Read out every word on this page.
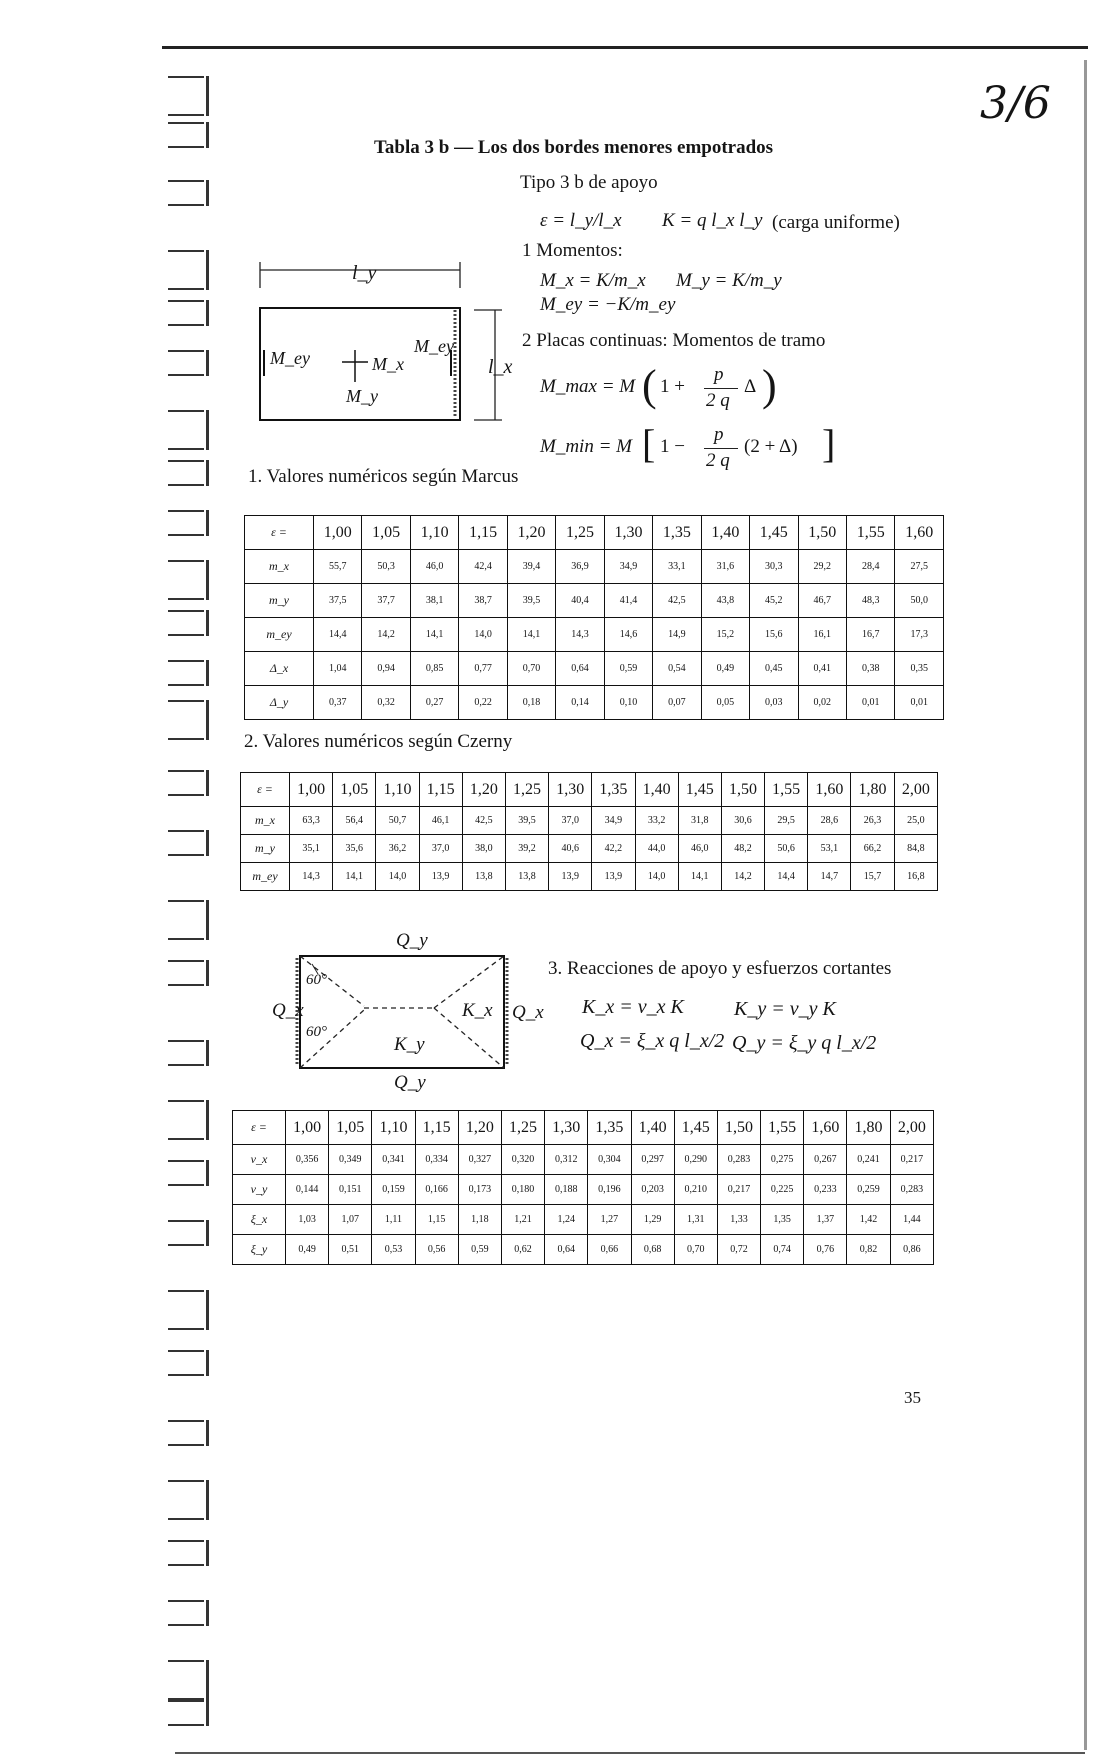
3/6
Tabla 3 b — Los dos bordes menores empotrados
Tipo 3 b de apoyo
ε = l_y/l_x K = q l_x l_y (carga uniforme)
1 Momentos:
M_x = K/m_x M_y = K/m_y
M_ey = −K/m_ey
2 Placas continuas: Momentos de tramo
M_max = M ( 1 +
p
2 q
Δ )
M_min = M [ 1 −
p
2 q
(2 + Δ) ]
l_y
l_x
M_ey
M_ey
M_x
M_y
1. Valores numéricos según Marcus
ε =	1,00	1,05	1,10	1,15	1,20	1,25	1,30	1,35	1,40	1,45	1,50	1,55	1,60
m_x	55,7	50,3	46,0	42,4	39,4	36,9	34,9	33,1	31,6	30,3	29,2	28,4	27,5
m_y	37,5	37,7	38,1	38,7	39,5	40,4	41,4	42,5	43,8	45,2	46,7	48,3	50,0
m_ey	14,4	14,2	14,1	14,0	14,1	14,3	14,6	14,9	15,2	15,6	16,1	16,7	17,3
Δ_x	1,04	0,94	0,85	0,77	0,70	0,64	0,59	0,54	0,49	0,45	0,41	0,38	0,35
Δ_y	0,37	0,32	0,27	0,22	0,18	0,14	0,10	0,07	0,05	0,03	0,02	0,01	0,01
2. Valores numéricos según Czerny
ε =	1,00	1,05	1,10	1,15	1,20	1,25	1,30	1,35	1,40	1,45	1,50	1,55	1,60	1,80	2,00
m_x	63,3	56,4	50,7	46,1	42,5	39,5	37,0	34,9	33,2	31,8	30,6	29,5	28,6	26,3	25,0
m_y	35,1	35,6	36,2	37,0	38,0	39,2	40,6	42,2	44,0	46,0	48,2	50,6	53,1	66,2	84,8
m_ey	14,3	14,1	14,0	13,9	13,8	13,8	13,9	13,9	14,0	14,1	14,2	14,4	14,7	15,7	16,8
Q_y
Q_y
Q_x	Q_x
K_x
K_y
60°
60°
3. Reacciones de apoyo y esfuerzos cortantes
K_x = ν_x K	K_y = ν_y K
Q_x = ξ_x q l_x/2 Q_y = ξ_y q l_x/2
ε =	1,00	1,05	1,10	1,15	1,20	1,25	1,30	1,35	1,40	1,45	1,50	1,55	1,60	1,80	2,00
ν_x	0,356	0,349	0,341	0,334	0,327	0,320	0,312	0,304	0,297	0,290	0,283	0,275	0,267	0,241	0,217
ν_y	0,144	0,151	0,159	0,166	0,173	0,180	0,188	0,196	0,203	0,210	0,217	0,225	0,233	0,259	0,283
ξ_x	1,03	1,07	1,11	1,15	1,18	1,21	1,24	1,27	1,29	1,31	1,33	1,35	1,37	1,42	1,44
ξ_y	0,49	0,51	0,53	0,56	0,59	0,62	0,64	0,66	0,68	0,70	0,72	0,74	0,76	0,82	0,86
35
